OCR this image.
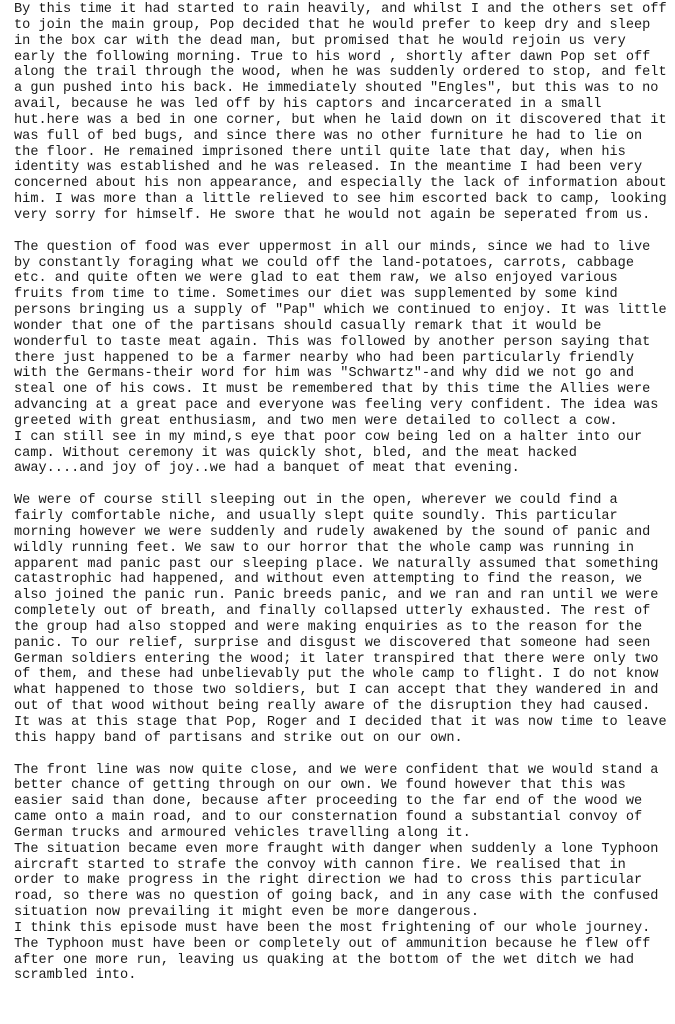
By this time it had started to rain heavily, and whilst I and the others set off
to join the main group, Pop decided that he would prefer to keep dry and sleep
in the box car with the dead man, but promised that he would rejoin us very
early the following morning. True to his word , shortly after dawn Pop set off
along the trail through the wood, when he was suddenly ordered to stop, and felt
a gun pushed into his back. He immediately shouted "Engles", but this was to no
avail, because he was led off by his captors and incarcerated in a small
hut.here was a bed in one corner, but when he laid down on it discovered that it
was full of bed bugs, and since there was no other furniture he had to lie on
the floor. He remained imprisoned there until quite late that day, when his
identity was established and he was released. In the meantime I had been very
concerned about his non appearance, and especially the lack of information about
him. I was more than a little relieved to see him escorted back to camp, looking
very sorry for himself. He swore that he would not again be seperated from us.
The question of food was ever uppermost in all our minds, since we had to live
by constantly foraging what we could off the land-potatoes, carrots, cabbage
etc. and quite often we were glad to eat them raw, we also enjoyed various
fruits from time to time. Sometimes our diet was supplemented by some kind
persons bringing us a supply of "Pap" which we continued to enjoy. It was little
wonder that one of the partisans should casually remark that it would be
wonderful to taste meat again. This was followed by another person saying that
there just happened to be a farmer nearby who had been particularly friendly
with the Germans-their word for him was "Schwartz"-and why did we not go and
steal one of his cows. It must be remembered that by this time the Allies were
advancing at a great pace and everyone was feeling very confident. The idea was
greeted with great enthusiasm, and two men were detailed to collect a cow.
I can still see in my mind,s eye that poor cow being led on a halter into our
camp. Without ceremony it was quickly shot, bled, and the meat hacked
away....and joy of joy..we had a banquet of meat that evening.
We were of course still sleeping out in the open, wherever we could find a
fairly comfortable niche, and usually slept quite soundly. This particular
morning however we were suddenly and rudely awakened by the sound of panic and
wildly running feet. We saw to our horror that the whole camp was running in
apparent mad panic past our sleeping place. We naturally assumed that something
catastrophic had happened, and without even attempting to find the reason, we
also joined the panic run. Panic breeds panic, and we ran and ran until we were
completely out of breath, and finally collapsed utterly exhausted. The rest of
the group had also stopped and were making enquiries as to the reason for the
panic. To our relief, surprise and disgust we discovered that someone had seen
German soldiers entering the wood; it later transpired that there were only two
of them, and these had unbelievably put the whole camp to flight. I do not know
what happened to those two soldiers, but I can accept that they wandered in and
out of that wood without being really aware of the disruption they had caused.
It was at this stage that Pop, Roger and I decided that it was now time to leave
this happy band of partisans and strike out on our own.
The front line was now quite close, and we were confident that we would stand a
better chance of getting through on our own. We found however that this was
easier said than done, because after proceeding to the far end of the wood we
came onto a main road, and to our consternation found a substantial convoy of
German trucks and armoured vehicles travelling along it.
The situation became even more fraught with danger when suddenly a lone Typhoon
aircraft started to strafe the convoy with cannon fire. We realised that in
order to make progress in the right direction we had to cross this particular
road, so there was no question of going back, and in any case with the confused
situation now prevailing it might even be more dangerous.
I think this episode must have been the most frightening of our whole journey.
The Typhoon must have been or completely out of ammunition because he flew off
after one more run, leaving us quaking at the bottom of the wet ditch we had
scrambled into.
